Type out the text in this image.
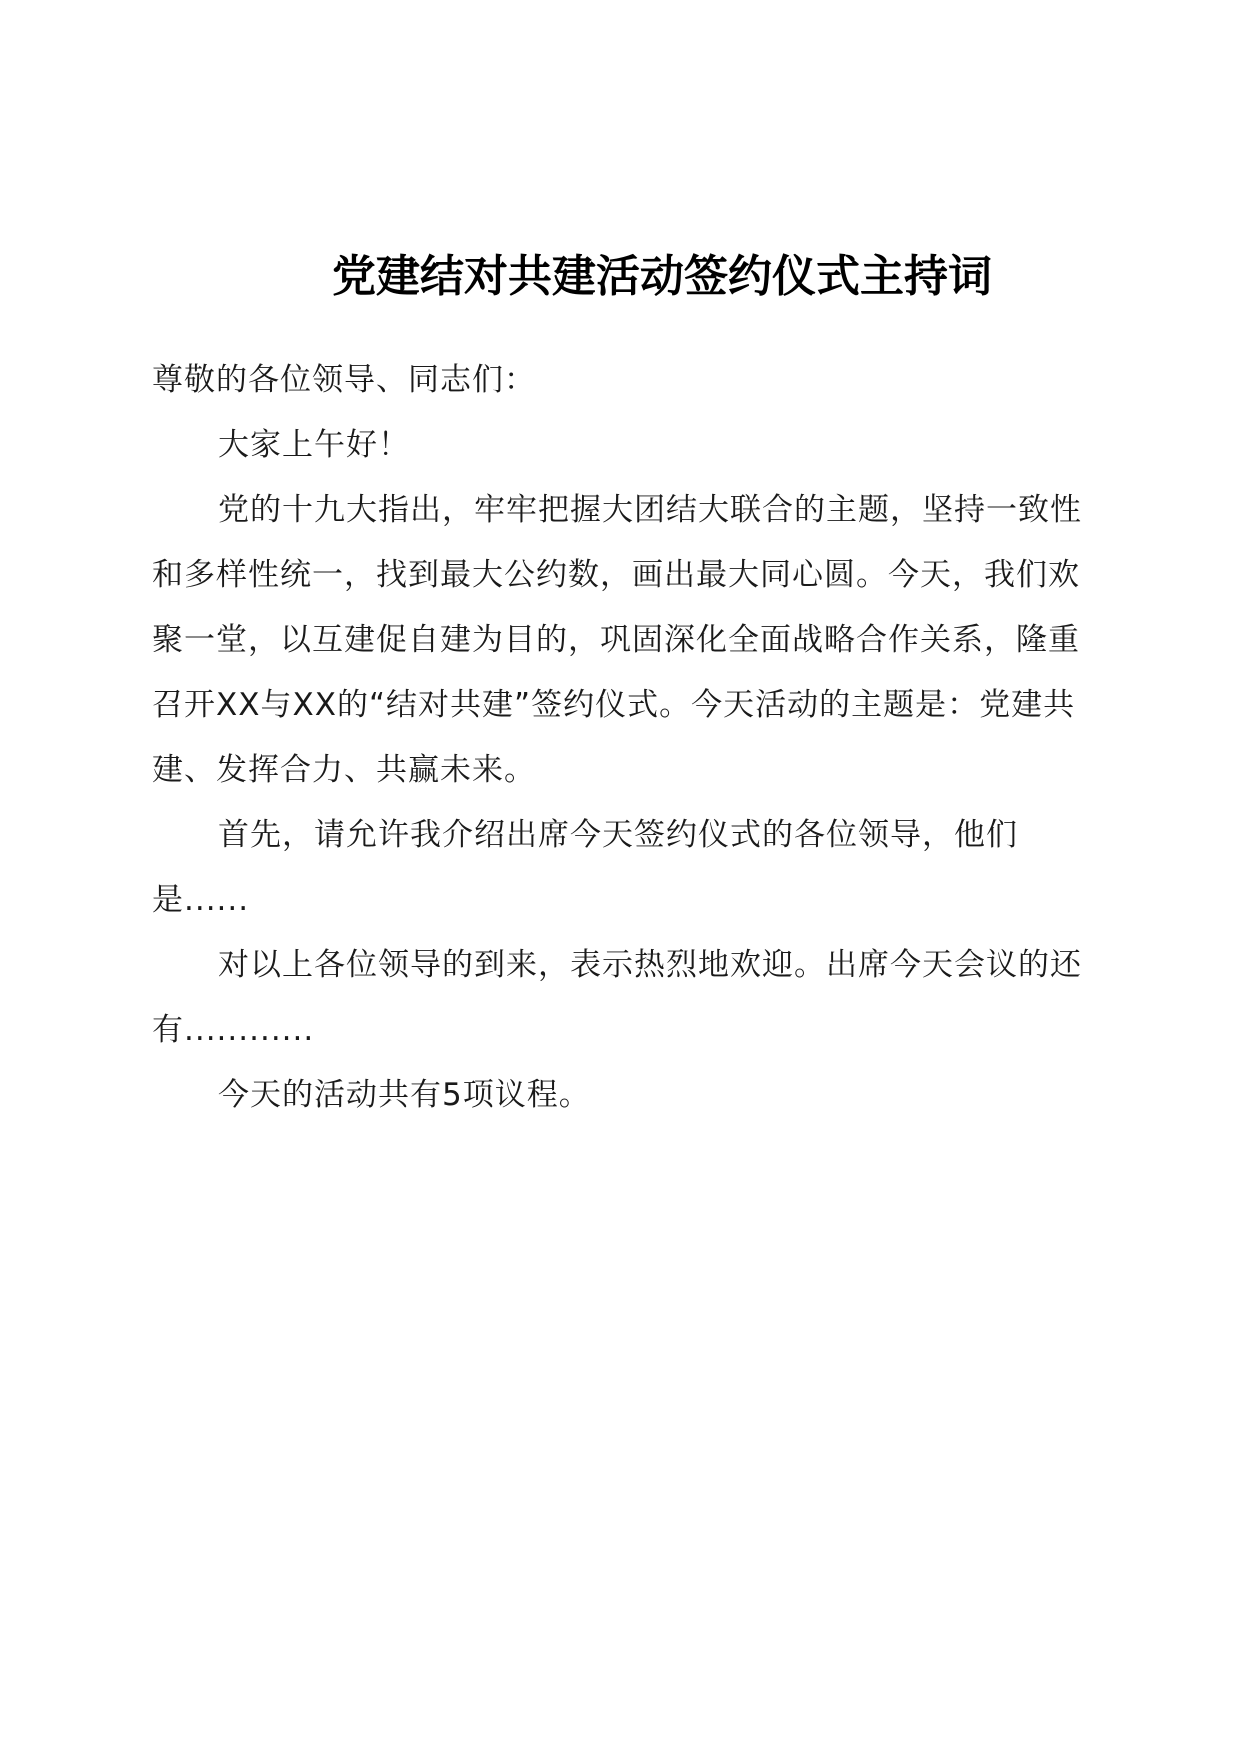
党建结对共建活动签约仪式主持词

尊敬的各位领导、同志们：

大家上午好！

党的十九大指出，牢牢把握大团结大联合的主题，坚持一致性和多样性统一，找到最大公约数，画出最大同心圆。今天，我们欢聚一堂，以互建促自建为目的，巩固深化全面战略合作关系，隆重召开XX与XX的“结对共建”签约仪式。今天活动的主题是：党建共建、发挥合力、共赢未来。

首先，请允许我介绍出席今天签约仪式的各位领导，他们是......

对以上各位领导的到来，表示热烈地欢迎。出席今天会议的还有............

今天的活动共有5项议程。
